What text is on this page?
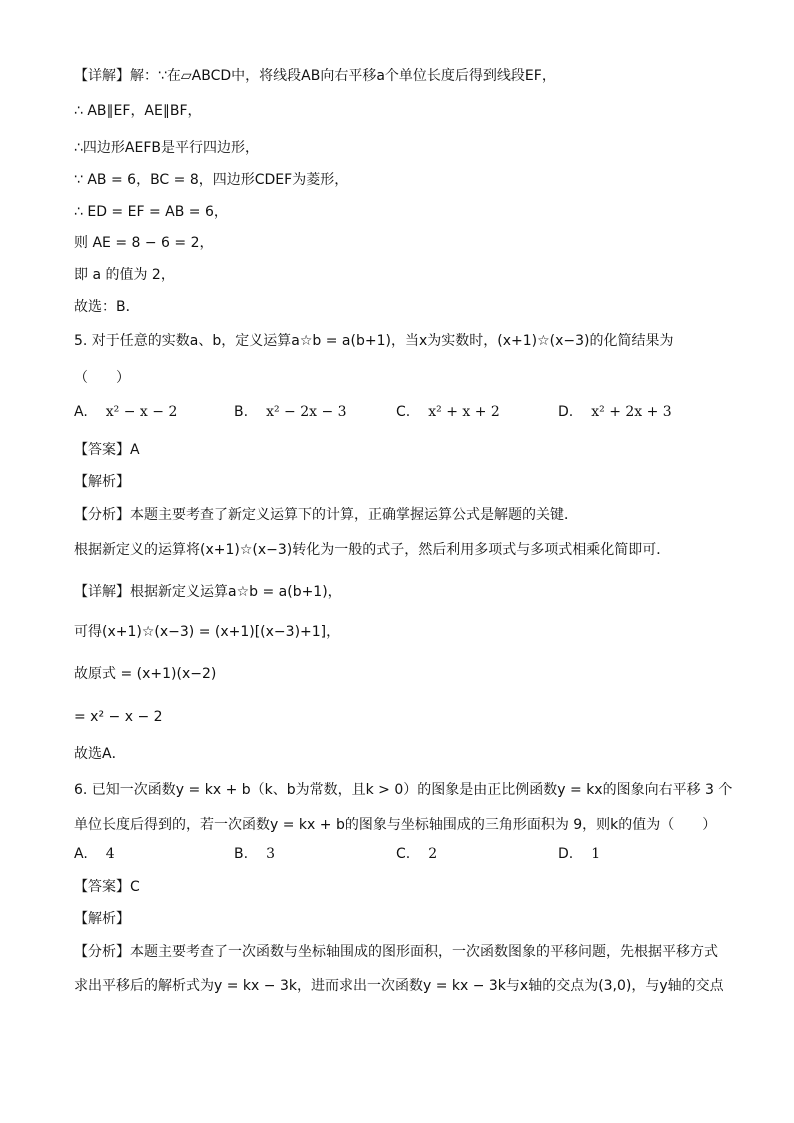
【详解】解：∵在▱ABCD中，将线段AB向右平移a个单位长度后得到线段EF，
∴ AB∥EF，AE∥BF，
∴四边形AEFB是平行四边形，
∵ AB = 6，BC = 8，四边形CDEF为菱形，
∴ ED = EF = AB = 6，
则 AE = 8 − 6 = 2，
即 a 的值为 2，
故选：B．
5. 对于任意的实数a、b，定义运算a☆b = a(b+1)，当x为实数时，(x+1)☆(x−3)的化简结果为
（　　）
A. x² − x − 2	B. x² − 2x − 3	C. x² + x + 2	D. x² + 2x + 3
【答案】A
【解析】
【分析】本题主要考查了新定义运算下的计算，正确掌握运算公式是解题的关键．
根据新定义的运算将(x+1)☆(x−3)转化为一般的式子，然后利用多项式与多项式相乘化简即可．
【详解】根据新定义运算a☆b = a(b+1)，
可得(x+1)☆(x−3) = (x+1)[(x−3)+1]，
故原式 = (x+1)(x−2)
= x² − x − 2
故选A．
6. 已知一次函数y = kx + b（k、b为常数，且k > 0）的图象是由正比例函数y = kx的图象向右平移 3 个
单位长度后得到的，若一次函数y = kx + b的图象与坐标轴围成的三角形面积为 9，则k的值为（　　）
A. 4	B. 3	C. 2	D. 1
【答案】C
【解析】
【分析】本题主要考查了一次函数与坐标轴围成的图形面积，一次函数图象的平移问题，先根据平移方式
求出平移后的解析式为y = kx − 3k，进而求出一次函数y = kx − 3k与x轴的交点为(3,0)，与y轴的交点
